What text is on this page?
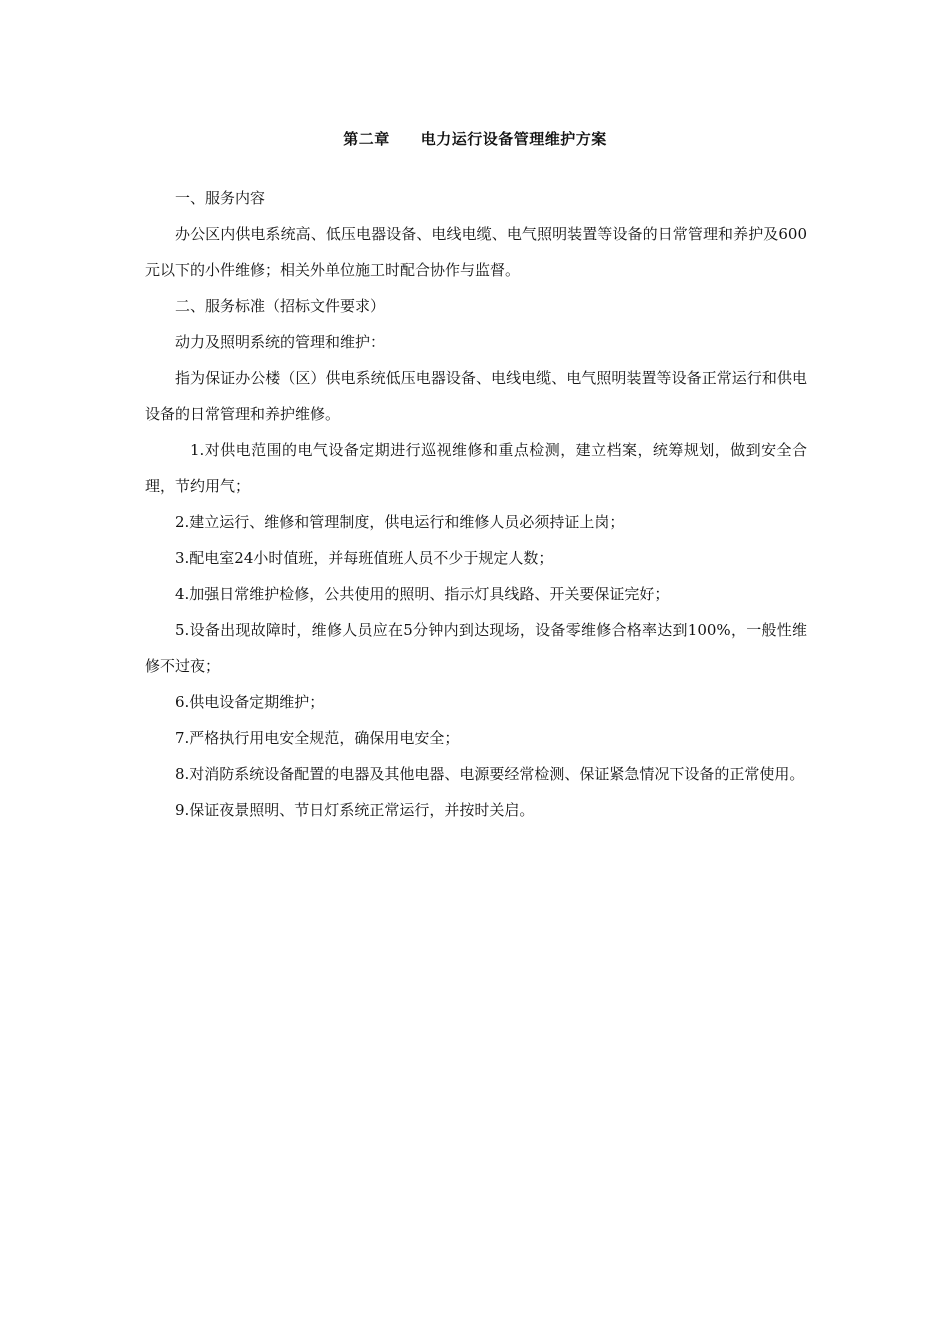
第二章　　电力运行设备管理维护方案

一、服务内容

办公区内供电系统高、低压电器设备、电线电缆、电气照明装置等设备的日常管理和养护及600元以下的小件维修；相关外单位施工时配合协作与监督。

二、服务标准（招标文件要求）

动力及照明系统的管理和维护：

指为保证办公楼（区）供电系统低压电器设备、电线电缆、电气照明装置等设备正常运行和供电设备的日常管理和养护维修。

1.对供电范围的电气设备定期进行巡视维修和重点检测，建立档案，统筹规划，做到安全合理，节约用气；

2.建立运行、维修和管理制度，供电运行和维修人员必须持证上岗；

3.配电室24小时值班，并每班值班人员不少于规定人数；

4.加强日常维护检修，公共使用的照明、指示灯具线路、开关要保证完好；

5.设备出现故障时，维修人员应在5分钟内到达现场，设备零维修合格率达到100%，一般性维修不过夜；

6.供电设备定期维护；

7.严格执行用电安全规范，确保用电安全；

8.对消防系统设备配置的电器及其他电器、电源要经常检测、保证紧急情况下设备的正常使用。

9.保证夜景照明、节日灯系统正常运行，并按时关启。
